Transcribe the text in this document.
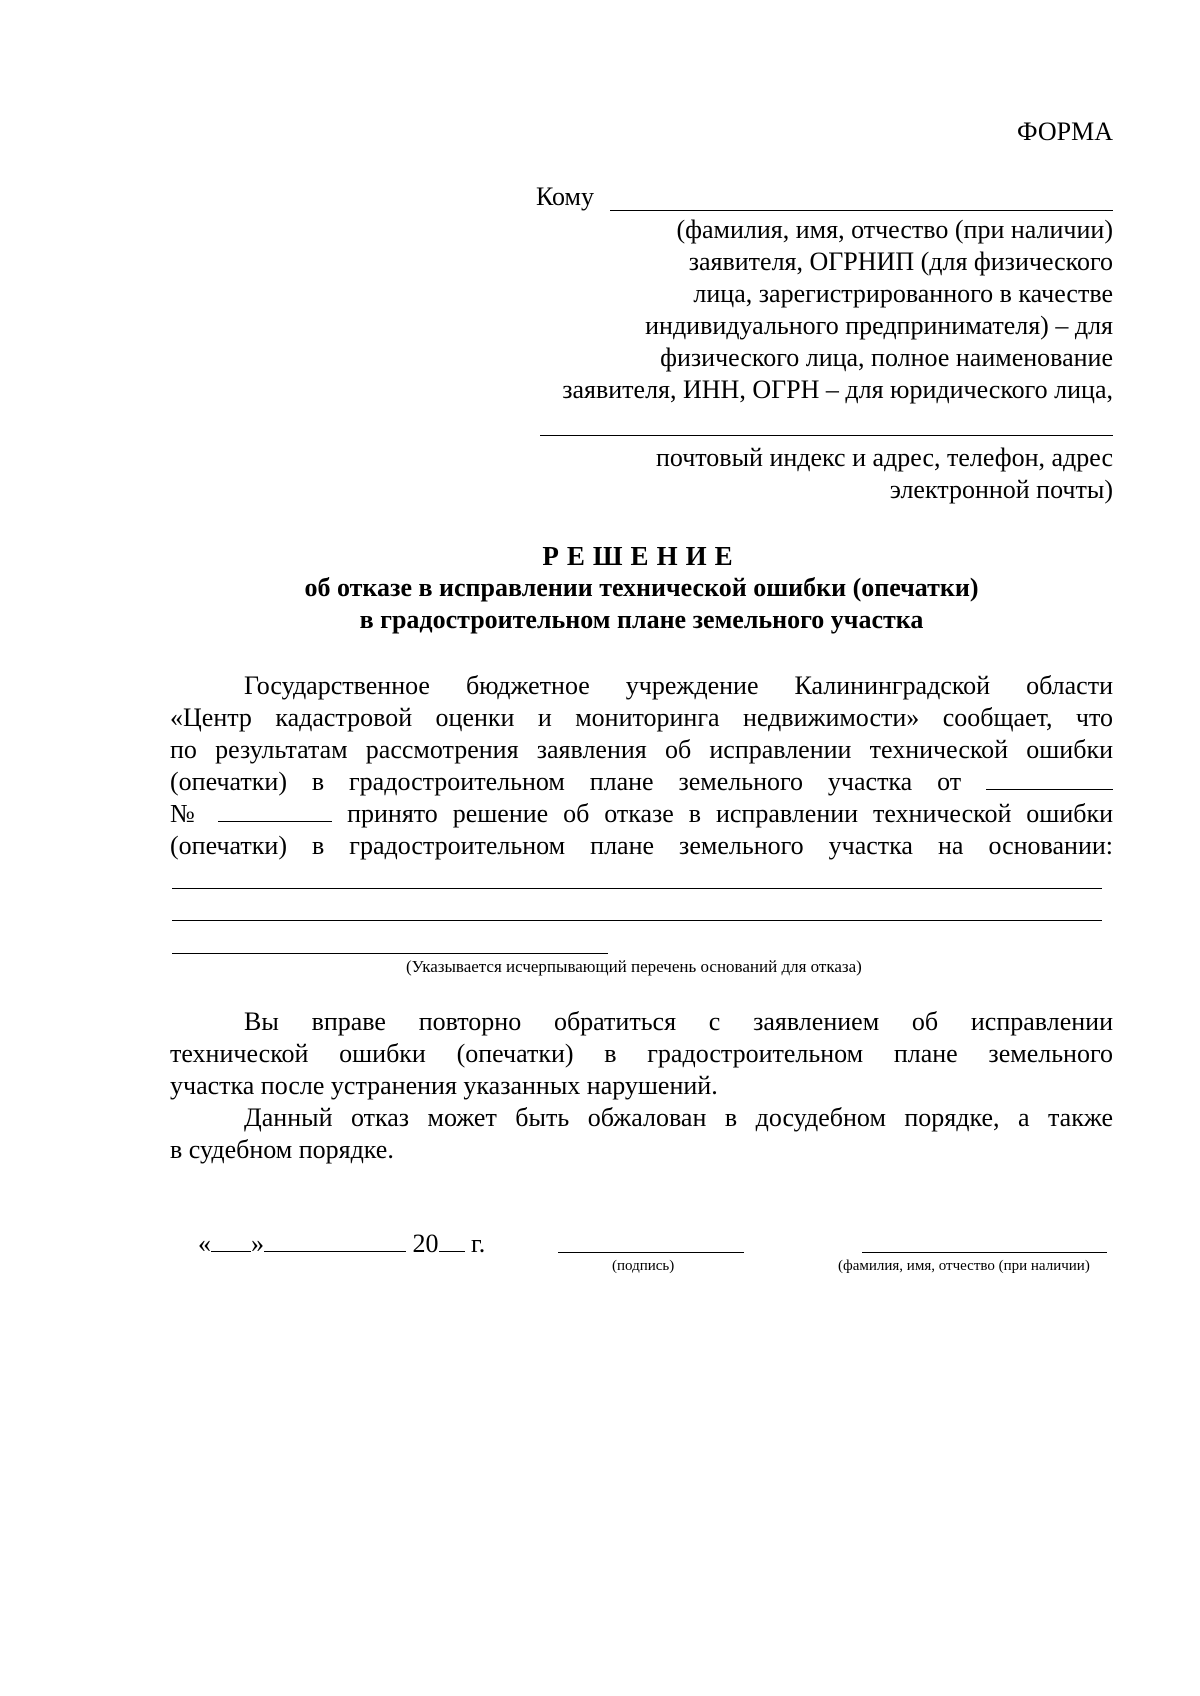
ФОРМА
Кому
(фамилия, имя, отчество (при наличии)
заявителя, ОГРНИП (для физического
лица, зарегистрированного в качестве
индивидуального предпринимателя) – для
физического лица, полное наименование
заявителя, ИНН, ОГРН – для юридического лица,
почтовый индекс и адрес, телефон, адрес
электронной почты)
РЕШЕНИЕ
об отказе в исправлении технической ошибки (опечатки)
в градостроительном плане земельного участка
Государственное бюджетное учреждение Калининградской области
«Центр кадастровой оценки и мониторинга недвижимости» сообщает, что
по результатам рассмотрения заявления об исправлении технической ошибки
(опечатки) в градостроительном плане земельного участка от
№	принято решение об отказе в исправлении технической ошибки
(опечатки) в градостроительном плане земельного участка на основании:
(Указывается исчерпывающий перечень оснований для отказа)
Вы вправе повторно обратиться с заявлением об исправлении
технической ошибки (опечатки) в градостроительном плане земельного
участка после устранения указанных нарушений.
Данный отказ может быть обжалован в досудебном порядке, а также
в судебном порядке.
« »	20 г.
(подпись)	(фамилия, имя, отчество (при наличии)
